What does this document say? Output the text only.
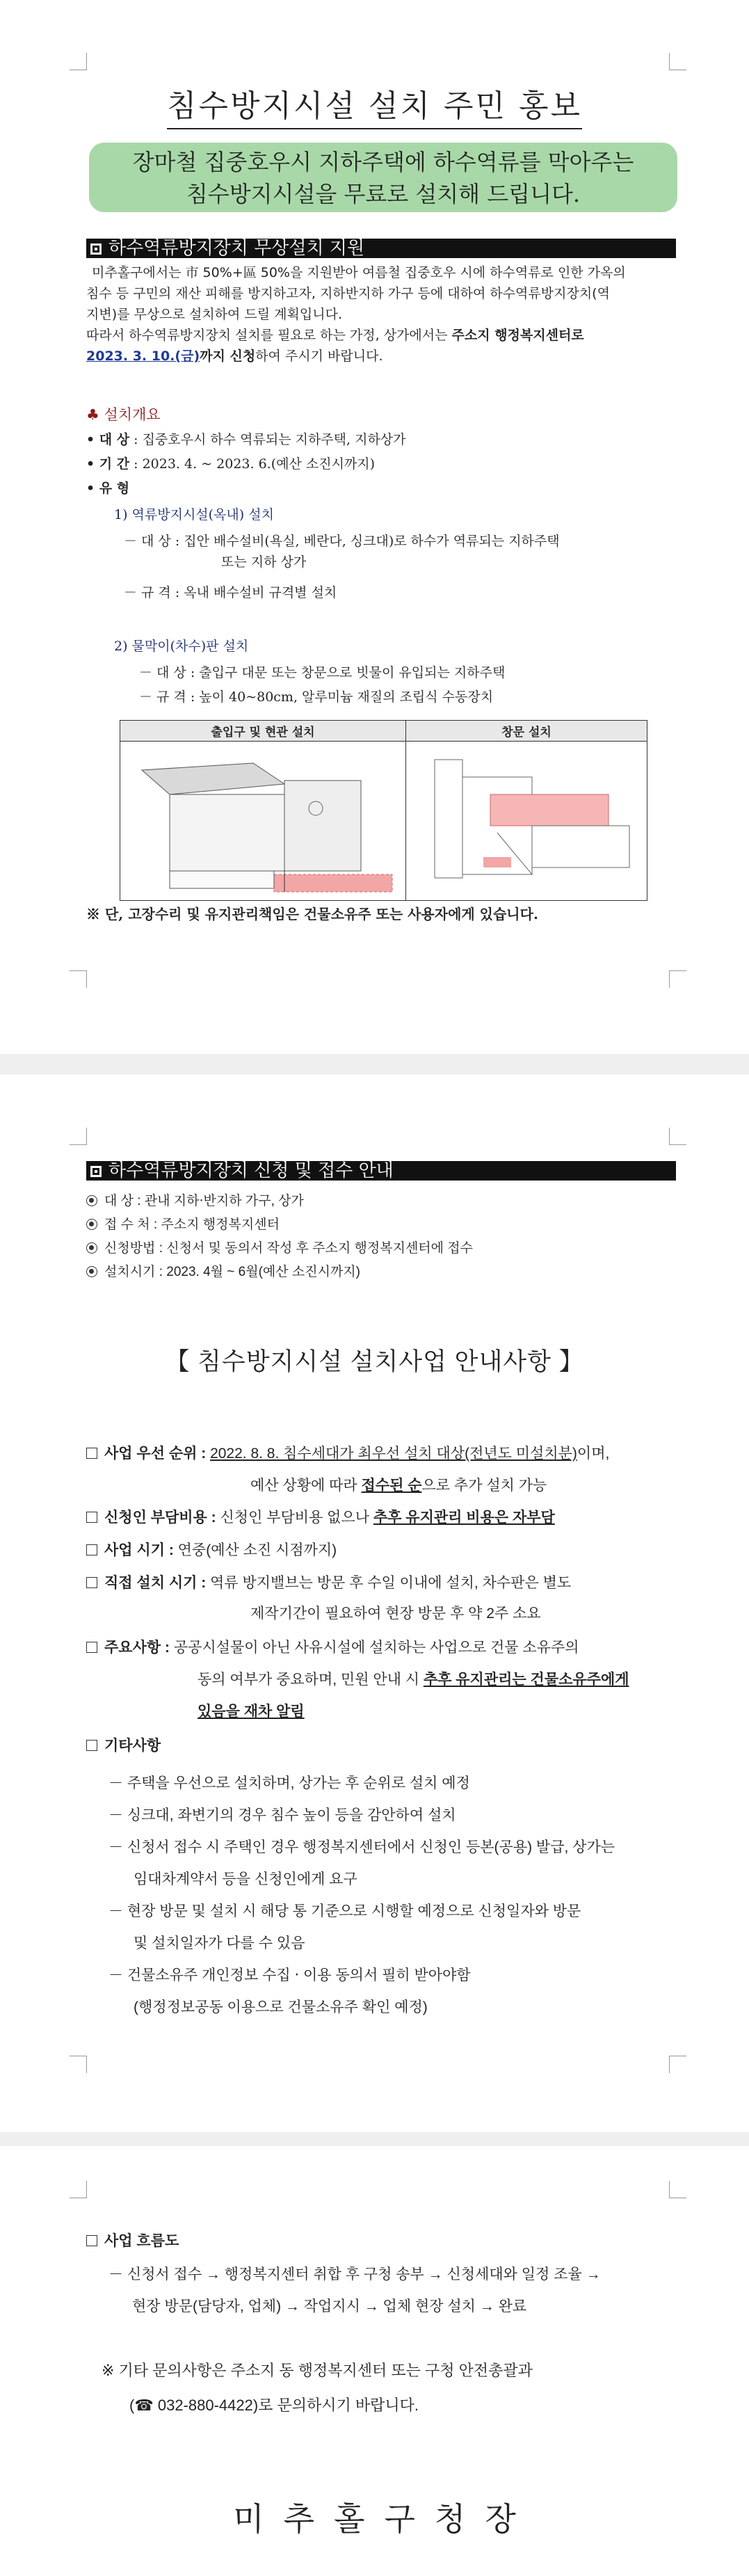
침수방지시설 설치 주민 홍보
장마철 집중호우시 지하주택에 하수역류를 막아주는
침수방지시설을 무료로 설치해 드립니다.
하수역류방지장치 무상설치 지원
미추홀구에서는 市 50%+區 50%을 지원받아 여름철 집중호우 시에 하수역류로 인한 가옥의
침수 등 구민의 재산 피해를 방지하고자, 지하반지하 가구 등에 대하여 하수역류방지장치(역
지변)를 무상으로 설치하여 드릴 계획입니다.
따라서 하수역류방지장치 설치를 필요로 하는 가정, 상가에서는 주소지 행정복지센터로
2023. 3. 10.(금)까지 신청하여 주시기 바랍니다.
♣ 설치개요
• 대 상 : 집중호우시 하수 역류되는 지하주택, 지하상가
• 기 간 : 2023. 4. ~ 2023. 6.(예산 소진시까지)
• 유 형
1) 역류방지시설(옥내) 설치
－ 대 상 : 집안 배수설비(욕실, 베란다, 싱크대)로 하수가 역류되는 지하주택
또는 지하 상가
－ 규 격 : 옥내 배수설비 규격별 설치
2) 물막이(차수)판 설치
－ 대 상 : 출입구 대문 또는 창문으로 빗물이 유입되는 지하주택
－ 규 격 : 높이 40~80cm, 알루미늄 재질의 조립식 수동장치
출입구 및 현관 설치	창문 설치

※ 단, 고장수리 및 유지관리책임은 건물소유주 또는 사용자에게 있습니다.
하수역류방지장치 신청 및 접수 안내
대 상 : 관내 지하‧반지하 가구, 상가
접 수 처 : 주소지 행정복지센터
신청방법 : 신청서 및 동의서 작성 후 주소지 행정복지센터에 접수
설치시기 : 2023. 4월 ~ 6월(예산 소진시까지)
【 침수방지시설 설치사업 안내사항 】
사업 우선 순위 : 2022. 8. 8. 침수세대가 최우선 설치 대상(전년도 미설치분)이며,
예산 상황에 따라 접수된 순으로 추가 설치 가능
신청인 부담비용 : 신청인 부담비용 없으나 추후 유지관리 비용은 자부담
사업 시기 : 연중(예산 소진 시점까지)
직접 설치 시기 : 역류 방지밸브는 방문 후 수일 이내에 설치, 차수판은 별도
제작기간이 필요하여 현장 방문 후 약 2주 소요
주요사항 : 공공시설물이 아닌 사유시설에 설치하는 사업으로 건물 소유주의
동의 여부가 중요하며, 민원 안내 시 추후 유지관리는 건물소유주에게
있음을 재차 알림
기타사항
－ 주택을 우선으로 설치하며, 상가는 후 순위로 설치 예정
－ 싱크대, 좌변기의 경우 침수 높이 등을 감안하여 설치
－ 신청서 접수 시 주택인 경우 행정복지센터에서 신청인 등본(공용) 발급, 상가는
임대차계약서 등을 신청인에게 요구
－ 현장 방문 및 설치 시 해당 통 기준으로 시행할 예정으로 신청일자와 방문
및 설치일자가 다를 수 있음
－ 건물소유주 개인정보 수집 ‧ 이용 동의서 필히 받아야함
(행정정보공동 이용으로 건물소유주 확인 예정)
사업 흐름도
－ 신청서 접수 → 행정복지센터 취합 후 구청 송부 → 신청세대와 일정 조율 →
현장 방문(담당자, 업체) → 작업지시 → 업체 현장 설치 → 완료
※ 기타 문의사항은 주소지 동 행정복지센터 또는 구청 안전총괄과
(☎ 032-880-4422)로 문의하시기 바랍니다.
미추홀구청장
